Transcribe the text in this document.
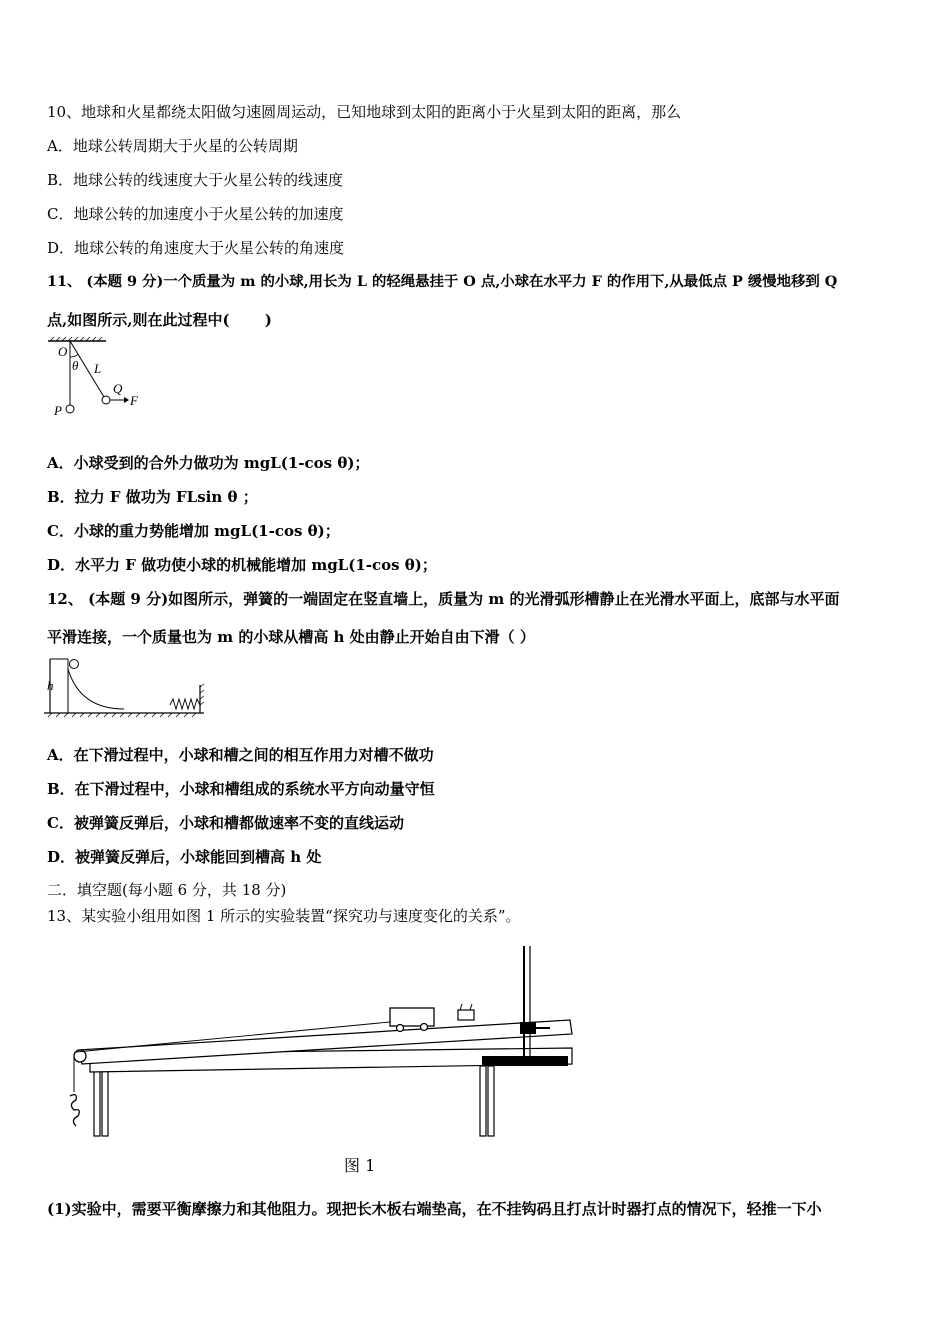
10、地球和火星都绕太阳做匀速圆周运动，已知地球到太阳的距离小于火星到太阳的距离，那么
A．地球公转周期大于火星的公转周期
B．地球公转的线速度大于火星公转的线速度
C．地球公转的加速度小于火星公转的加速度
D．地球公转的角速度大于火星公转的角速度
11、 (本题 9 分)一个质量为 m 的小球,用长为 L 的轻绳悬挂于 O 点,小球在水平力 F 的作用下,从最低点 P 缓慢地移到 Q
点,如图所示,则在此过程中(　　 )
O
θ L
Q
F
P
A．小球受到的合外力做功为 mgL(1-cos θ)；
B．拉力 F 做功为 FLsin θ ；
C．小球的重力势能增加 mgL(1-cos θ)；
D．水平力 F 做功使小球的机械能增加 mgL(1-cos θ)；
12、 (本题 9 分)如图所示，弹簧的一端固定在竖直墙上，质量为 m 的光滑弧形槽静止在光滑水平面上，底部与水平面
平滑连接，一个质量也为 m 的小球从槽高 h 处由静止开始自由下滑（ ）
h
A．在下滑过程中，小球和槽之间的相互作用力对槽不做功
B．在下滑过程中，小球和槽组成的系统水平方向动量守恒
C．被弹簧反弹后，小球和槽都做速率不变的直线运动
D．被弹簧反弹后，小球能回到槽高 h 处
二．填空题(每小题 6 分，共 18 分)
13、某实验小组用如图 1 所示的实验装置“探究功与速度变化的关系”。
图 1
(1)实验中，需要平衡摩擦力和其他阻力。现把长木板右端垫高，在不挂钩码且打点计时器打点的情况下，轻推一下小
